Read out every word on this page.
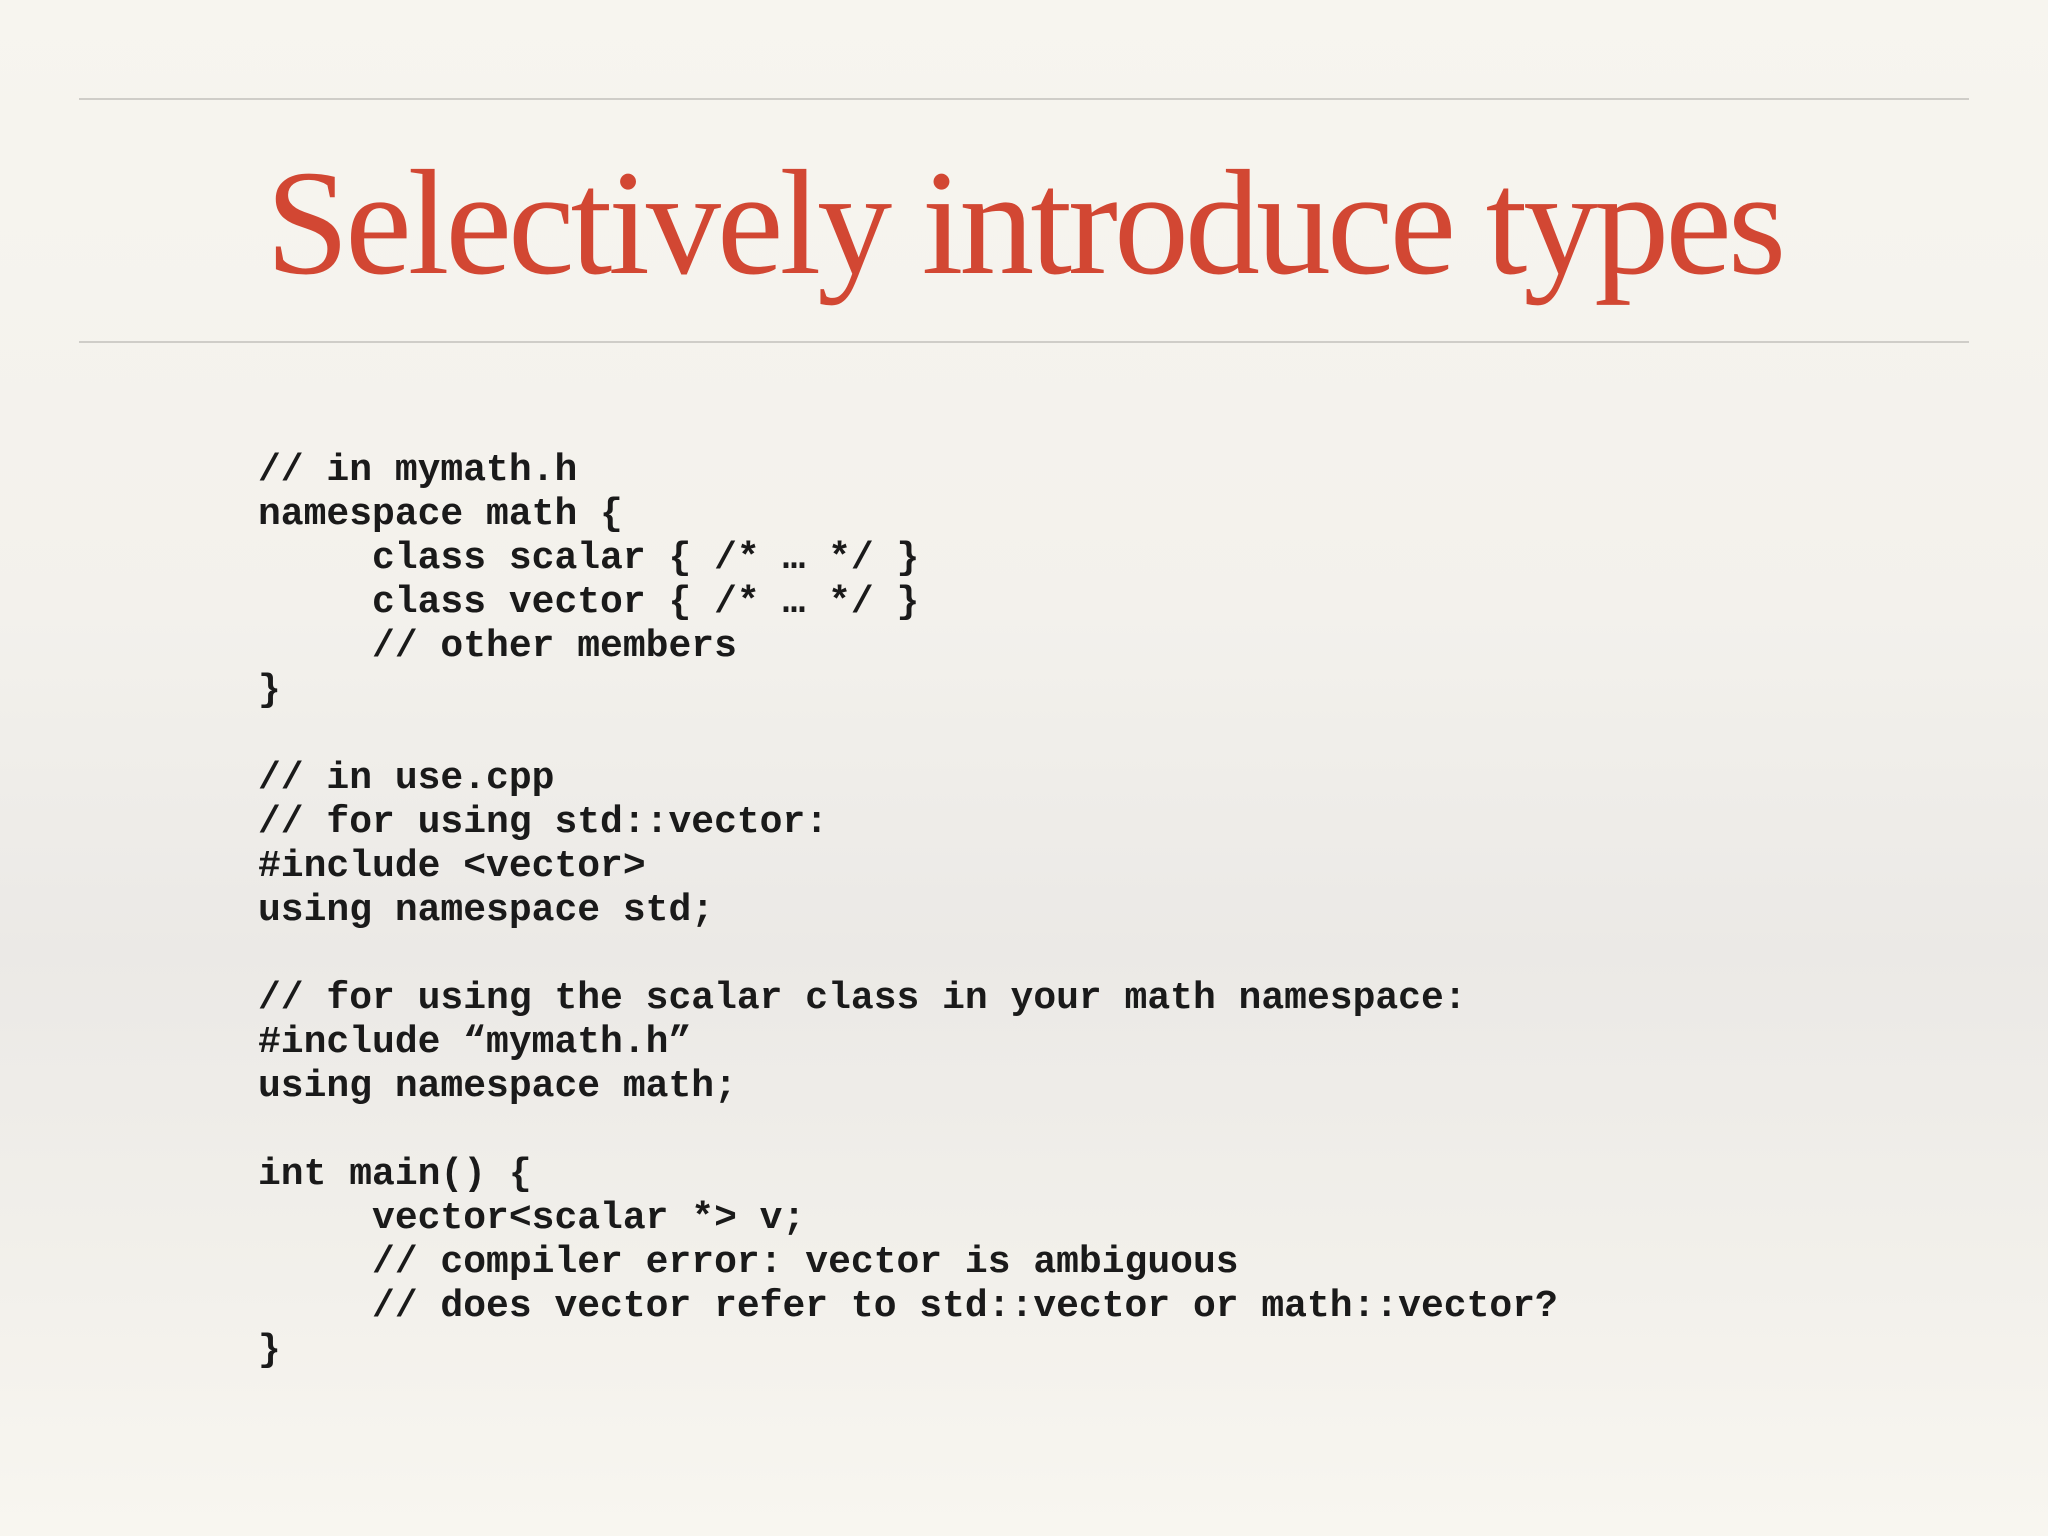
Selectively introduce types
// in mymath.h
namespace math {
class scalar { /* … */ }
class vector { /* … */ }
// other members
}
// in use.cpp
// for using std::vector:
#include <vector>
using namespace std;
// for using the scalar class in your math namespace:
#include “mymath.h”
using namespace math;
int main() {
vector<scalar *> v;
// compiler error: vector is ambiguous
// does vector refer to std::vector or math::vector?
}
